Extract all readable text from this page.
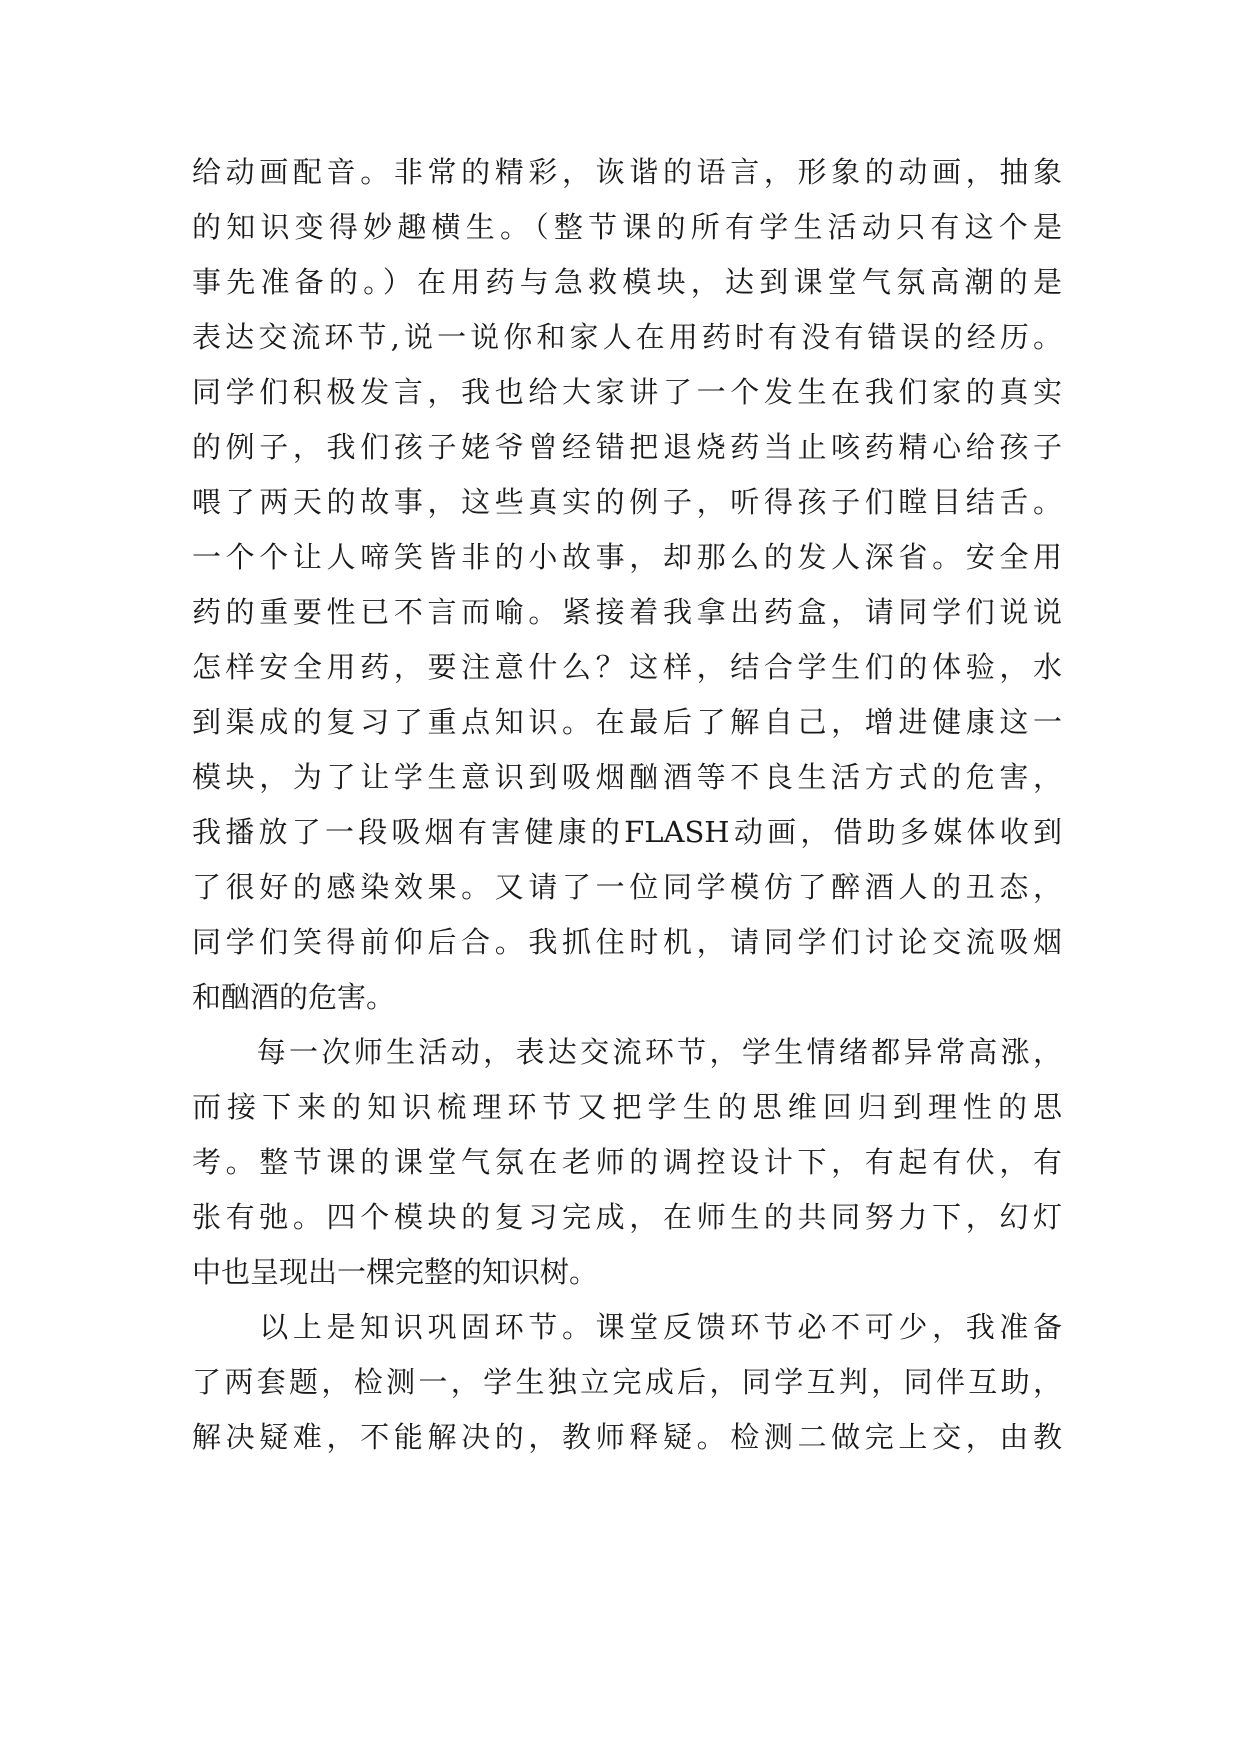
给动画配音。非常的精彩，诙谐的语言，形象的动画，抽象
的知识变得妙趣横生。（整节课的所有学生活动只有这个是
事先准备的。）在用药与急救模块，达到课堂气氛高潮的是
表达交流环节,说一说你和家人在用药时有没有错误的经历。
同学们积极发言，我也给大家讲了一个发生在我们家的真实
的例子，我们孩子姥爷曾经错把退烧药当止咳药精心给孩子
喂了两天的故事，这些真实的例子，听得孩子们瞠目结舌。
一个个让人啼笑皆非的小故事，却那么的发人深省。安全用
药的重要性已不言而喻。紧接着我拿出药盒，请同学们说说
怎样安全用药，要注意什么？这样，结合学生们的体验，水
到渠成的复习了重点知识。在最后了解自己，增进健康这一
模块，为了让学生意识到吸烟酗酒等不良生活方式的危害，
我播放了一段吸烟有害健康的FLASH动画，借助多媒体收到
了很好的感染效果。又请了一位同学模仿了醉酒人的丑态，
同学们笑得前仰后合。我抓住时机，请同学们讨论交流吸烟
和酗酒的危害。
　　每一次师生活动，表达交流环节，学生情绪都异常高涨，
而接下来的知识梳理环节又把学生的思维回归到理性的思
考。整节课的课堂气氛在老师的调控设计下，有起有伏，有
张有弛。四个模块的复习完成，在师生的共同努力下，幻灯
中也呈现出一棵完整的知识树。
　　以上是知识巩固环节。课堂反馈环节必不可少，我准备
了两套题，检测一，学生独立完成后，同学互判，同伴互助，
解决疑难，不能解决的，教师释疑。检测二做完上交，由教
